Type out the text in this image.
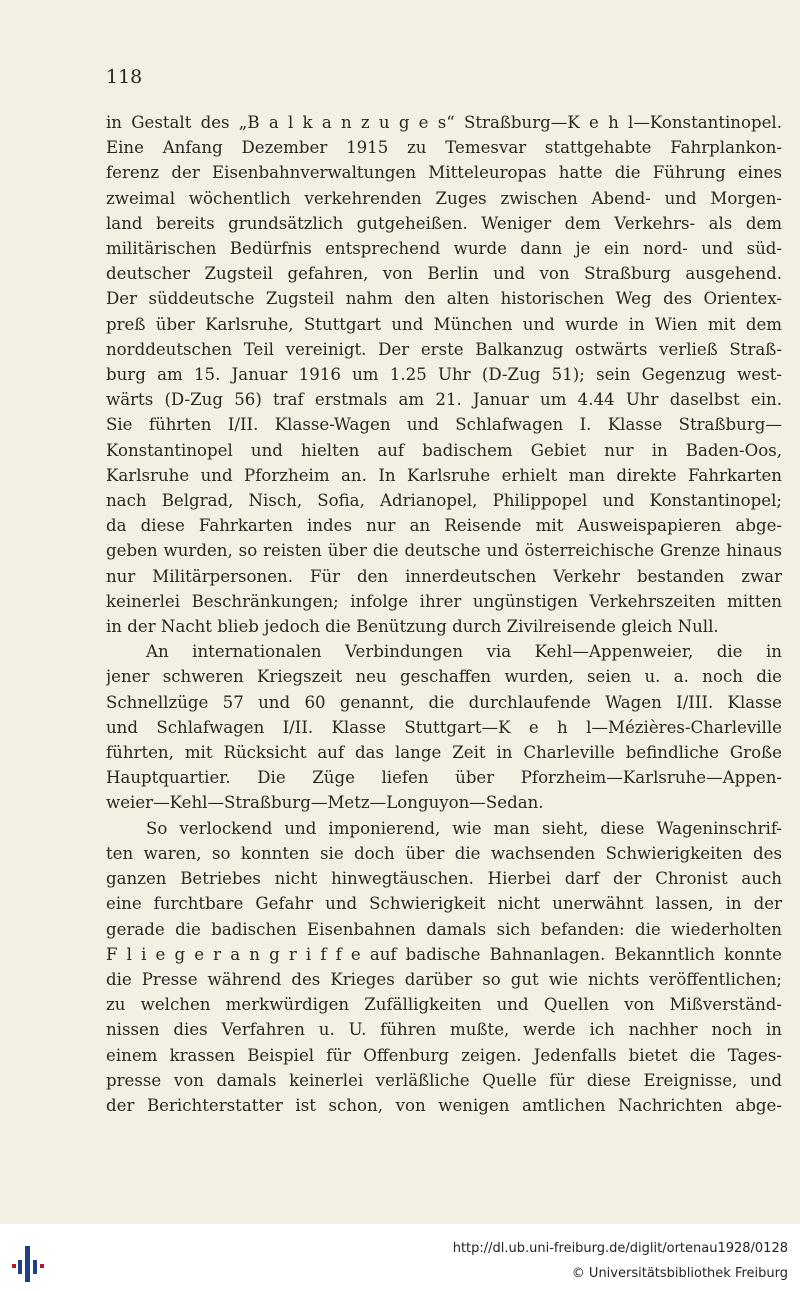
118
in Gestalt des „B a l k a n z u g e s“ Straßburg—K e h l—Konstantinopel.
Eine Anfang Dezember 1915 zu Temesvar stattgehabte Fahrplankon-
ferenz der Eisenbahnverwaltungen Mitteleuropas hatte die Führung eines
zweimal wöchentlich verkehrenden Zuges zwischen Abend- und Morgen-
land bereits grundsätzlich gutgeheißen. Weniger dem Verkehrs- als dem
militärischen Bedürfnis entsprechend wurde dann je ein nord- und süd-
deutscher Zugsteil gefahren, von Berlin und von Straßburg ausgehend.
Der süddeutsche Zugsteil nahm den alten historischen Weg des Orientex-
preß über Karlsruhe, Stuttgart und München und wurde in Wien mit dem
norddeutschen Teil vereinigt. Der erste Balkanzug ostwärts verließ Straß-
burg am 15. Januar 1916 um 1.25 Uhr (D-Zug 51); sein Gegenzug west-
wärts (D-Zug 56) traf erstmals am 21. Januar um 4.44 Uhr daselbst ein.
Sie führten I/II. Klasse-Wagen und Schlafwagen I. Klasse Straßburg—
Konstantinopel und hielten auf badischem Gebiet nur in Baden-Oos,
Karlsruhe und Pforzheim an. In Karlsruhe erhielt man direkte Fahrkarten
nach Belgrad, Nisch, Sofia, Adrianopel, Philippopel und Konstantinopel;
da diese Fahrkarten indes nur an Reisende mit Ausweispapieren abge-
geben wurden, so reisten über die deutsche und österreichische Grenze hinaus
nur Militärpersonen. Für den innerdeutschen Verkehr bestanden zwar
keinerlei Beschränkungen; infolge ihrer ungünstigen Verkehrszeiten mitten
in der Nacht blieb jedoch die Benützung durch Zivilreisende gleich Null.
An internationalen Verbindungen via Kehl—Appenweier, die in
jener schweren Kriegszeit neu geschaffen wurden, seien u. a. noch die
Schnellzüge 57 und 60 genannt, die durchlaufende Wagen I/III. Klasse
und Schlafwagen I/II. Klasse Stuttgart—K e h l—Mézières-Charleville
führten, mit Rücksicht auf das lange Zeit in Charleville befindliche Große
Hauptquartier. Die Züge liefen über Pforzheim—Karlsruhe—Appen-
weier—Kehl—Straßburg—Metz—Longuyon—Sedan.
So verlockend und imponierend, wie man sieht, diese Wageninschrif-
ten waren, so konnten sie doch über die wachsenden Schwierigkeiten des
ganzen Betriebes nicht hinwegtäuschen. Hierbei darf der Chronist auch
eine furchtbare Gefahr und Schwierigkeit nicht unerwähnt lassen, in der
gerade die badischen Eisenbahnen damals sich befanden: die wiederholten
F l i e g e r a n g r i f f e auf badische Bahnanlagen. Bekanntlich konnte
die Presse während des Krieges darüber so gut wie nichts veröffentlichen;
zu welchen merkwürdigen Zufälligkeiten und Quellen von Mißverständ-
nissen dies Verfahren u. U. führen mußte, werde ich nachher noch in
einem krassen Beispiel für Offenburg zeigen. Jedenfalls bietet die Tages-
presse von damals keinerlei verläßliche Quelle für diese Ereignisse, und
der Berichterstatter ist schon, von wenigen amtlichen Nachrichten abge-
http://dl.ub.uni-freiburg.de/diglit/ortenau1928/0128
© Universitätsbibliothek Freiburg
